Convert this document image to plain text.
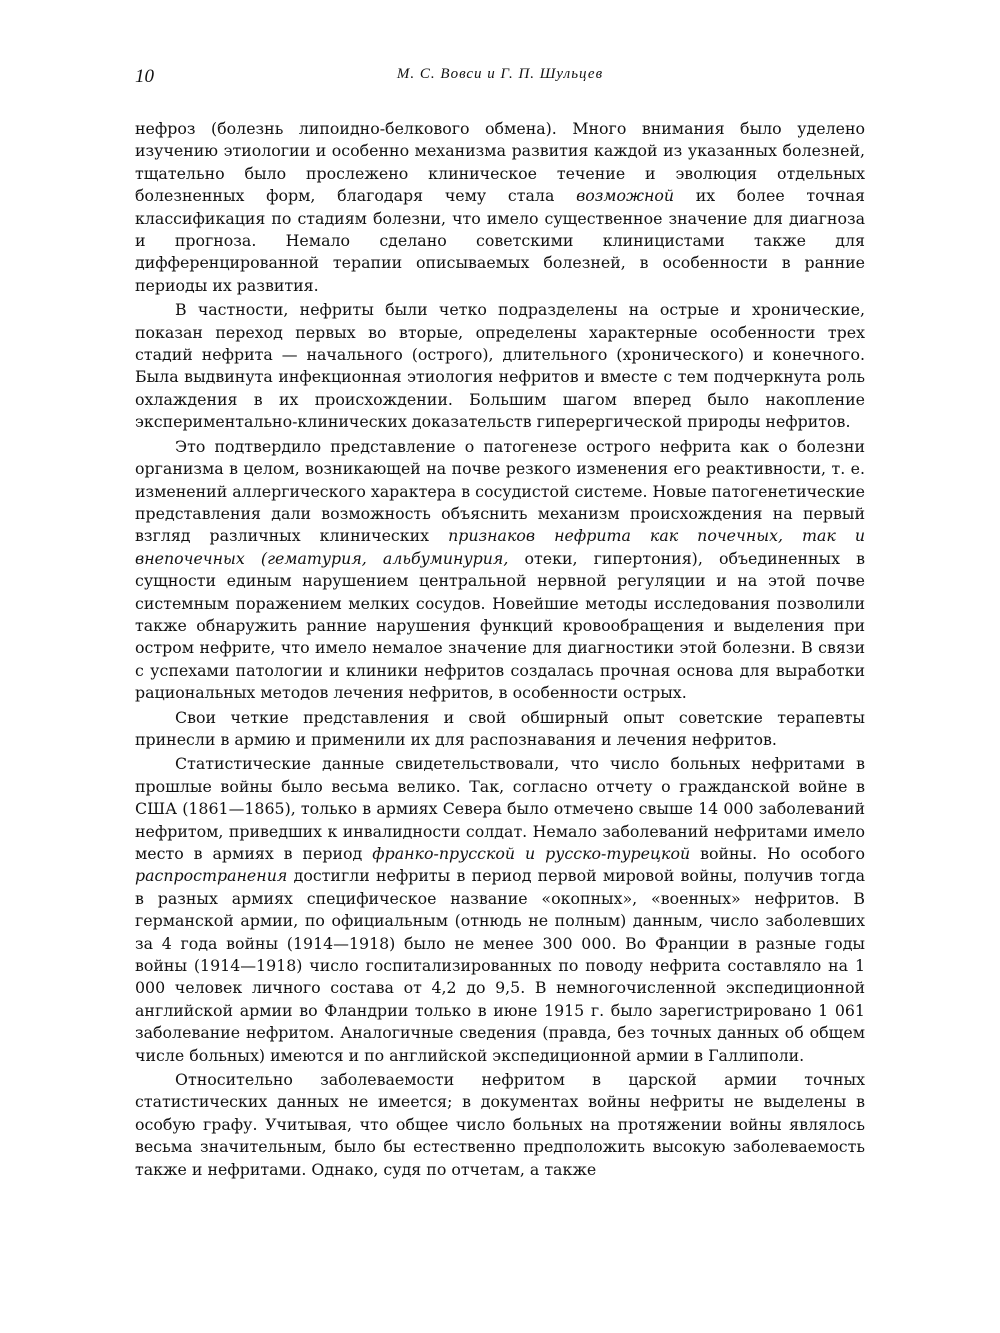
10	М. С. Вовси и Г. П. Шульцев

нефроз (болезнь липоидно-белкового обмена). Много внимания было уделено изучению этиологии и особенно механизма развития каждой из указанных болезней, тщательно было прослежено клиническое течение и эволюция отдельных болезненных форм, благодаря чему стала возможной их более точная классификация по стадиям болезни, что имело существенное значение для диагноза и прогноза. Немало сделано советскими клиницистами также для дифференцированной терапии описываемых болезней, в особенности в ранние периоды их развития.

В частности, нефриты были четко подразделены на острые и хронические, показан переход первых во вторые, определены характерные особенности трех стадий нефрита — начального (острого), длительного (хронического) и конечного. Была выдвинута инфекционная этиология нефритов и вместе с тем подчеркнута роль охлаждения в их происхождении. Большим шагом вперед было накопление экспериментально-клинических доказательств гиперергической природы нефритов.

Это подтвердило представление о патогенезе острого нефрита как о болезни организма в целом, возникающей на почве резкого изменения его реактивности, т. е. изменений аллергического характера в сосудистой системе. Новые патогенетические представления дали возможность объяснить механизм происхождения на первый взгляд различных клинических признаков нефрита как почечных, так и внепочечных (гематурия, альбуминурия, отеки, гипертония), объединенных в сущности единым нарушением центральной нервной регуляции и на этой почве системным поражением мелких сосудов. Новейшие методы исследования позволили также обнаружить ранние нарушения функций кровообращения и выделения при остром нефрите, что имело немалое значение для диагностики этой болезни. В связи с успехами патологии и клиники нефритов создалась прочная основа для выработки рациональных методов лечения нефритов, в особенности острых.

Свои четкие представления и свой обширный опыт советские терапевты принесли в армию и применили их для распознавания и лечения нефритов.

Статистические данные свидетельствовали, что число больных нефритами в прошлые войны было весьма велико. Так, согласно отчету о гражданской войне в США (1861—1865), только в армиях Севера было отмечено свыше 14 000 заболеваний нефритом, приведших к инвалидности солдат. Немало заболеваний нефритами имело место в армиях в период франко-прусской и русско-турецкой войны. Но особого распространения достигли нефриты в период первой мировой войны, получив тогда в разных армиях специфическое название «окопных», «военных» нефритов. В германской армии, по официальным (отнюдь не полным) данным, число заболевших за 4 года войны (1914—1918) было не менее 300 000. Во Франции в разные годы войны (1914—1918) число госпитализированных по поводу нефрита составляло на 1 000 человек личного состава от 4,2 до 9,5. В немногочисленной экспедиционной английской армии во Фландрии только в июне 1915 г. было зарегистрировано 1 061 заболевание нефритом. Аналогичные сведения (правда, без точных данных об общем числе больных) имеются и по английской экспедиционной армии в Галлиполи.

Относительно заболеваемости нефритом в царской армии точных статистических данных не имеется; в документах войны нефриты не выделены в особую графу. Учитывая, что общее число больных на протяжении войны являлось весьма значительным, было бы естественно предположить высокую заболеваемость также и нефритами. Однако, судя по отчетам, а также
